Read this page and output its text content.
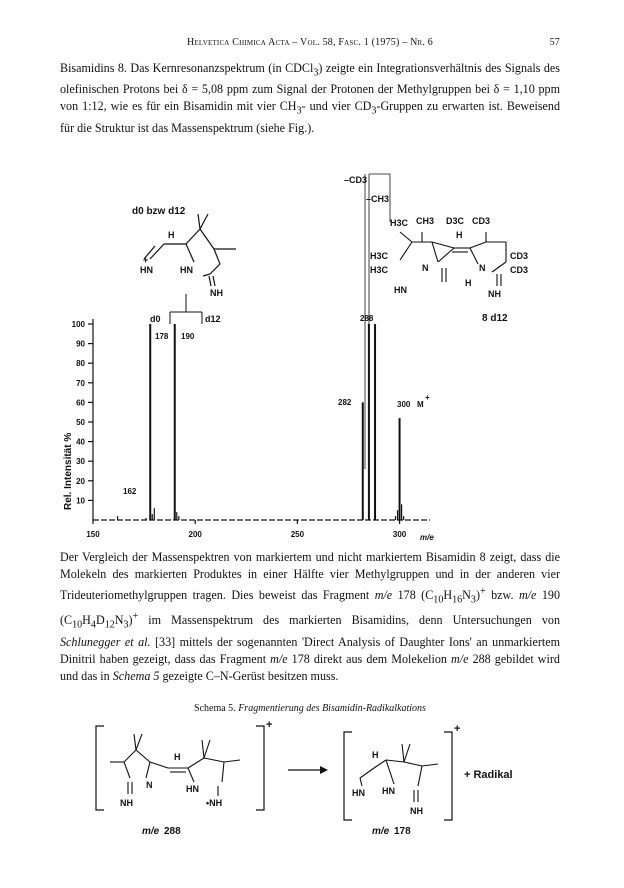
Helvetica Chimica Acta – Vol. 58, Fasc. 1 (1975) – Nr. 6	57

Bisamidins 8. Das Kernresonanzspektrum (in CDCl$_3$) zeigte ein Integrationsverhältnis des Signals des olefinischen Protons bei δ = 5,08 ppm zum Signal der Protonen der Methylgruppen bei δ = 1,10 ppm von 1:12, wie es für ein Bisamidin mit vier $CH_3-$ und vier $CD_3$-Gruppen zu erwarten ist. Beweisend für die Struktur ist das Massenspektrum (siehe Fig.).

d0 bzw d12
H
+
HN	HN
NH
d0	d12
–CD3
–CH3
H3C CH3 D3C CD3
H3C
H3C
H
N	N
CD3
CD3
HN
H
NH
8 d12
Rel. Intensität %
m/e
10
20
30
40
50
60
70
80
90
100
150	200	250	300
162
178 190
282
288
300 M
+

Der Vergleich der Massenspektren von markiertem und nicht markiertem Bisamidin 8 zeigt, dass die Molekeln des markierten Produktes in einer Hälfte vier Methylgruppen und in der anderen vier Trideuteriomethylgruppen tragen. Dies beweist das Fragment m/e 178 $(C_{10}H_{16}N_3)^+$ bzw. m/e 190 $(C_{10}H_4D_{12}N_3)^+$ im Massenspektrum des markierten Bisamidins, denn Untersuchungen von Schlunegger et al. [33] mittels der sogenannten 'Direct Analysis of Daughter Ions' an unmarkiertem Dinitril haben gezeigt, dass das Fragment m/e 178 direkt aus dem Molekelion m/e 288 gebildet wird und das in Schema 5 gezeigte C–N-Gerüst besitzen muss.

Schema 5. Fragmentierung des Bisamidin-Radikalkations
+
H
N	HN
NH	•NH
m/e 288
+
H
HN HN
NH
m/e 178
+ Radikal
